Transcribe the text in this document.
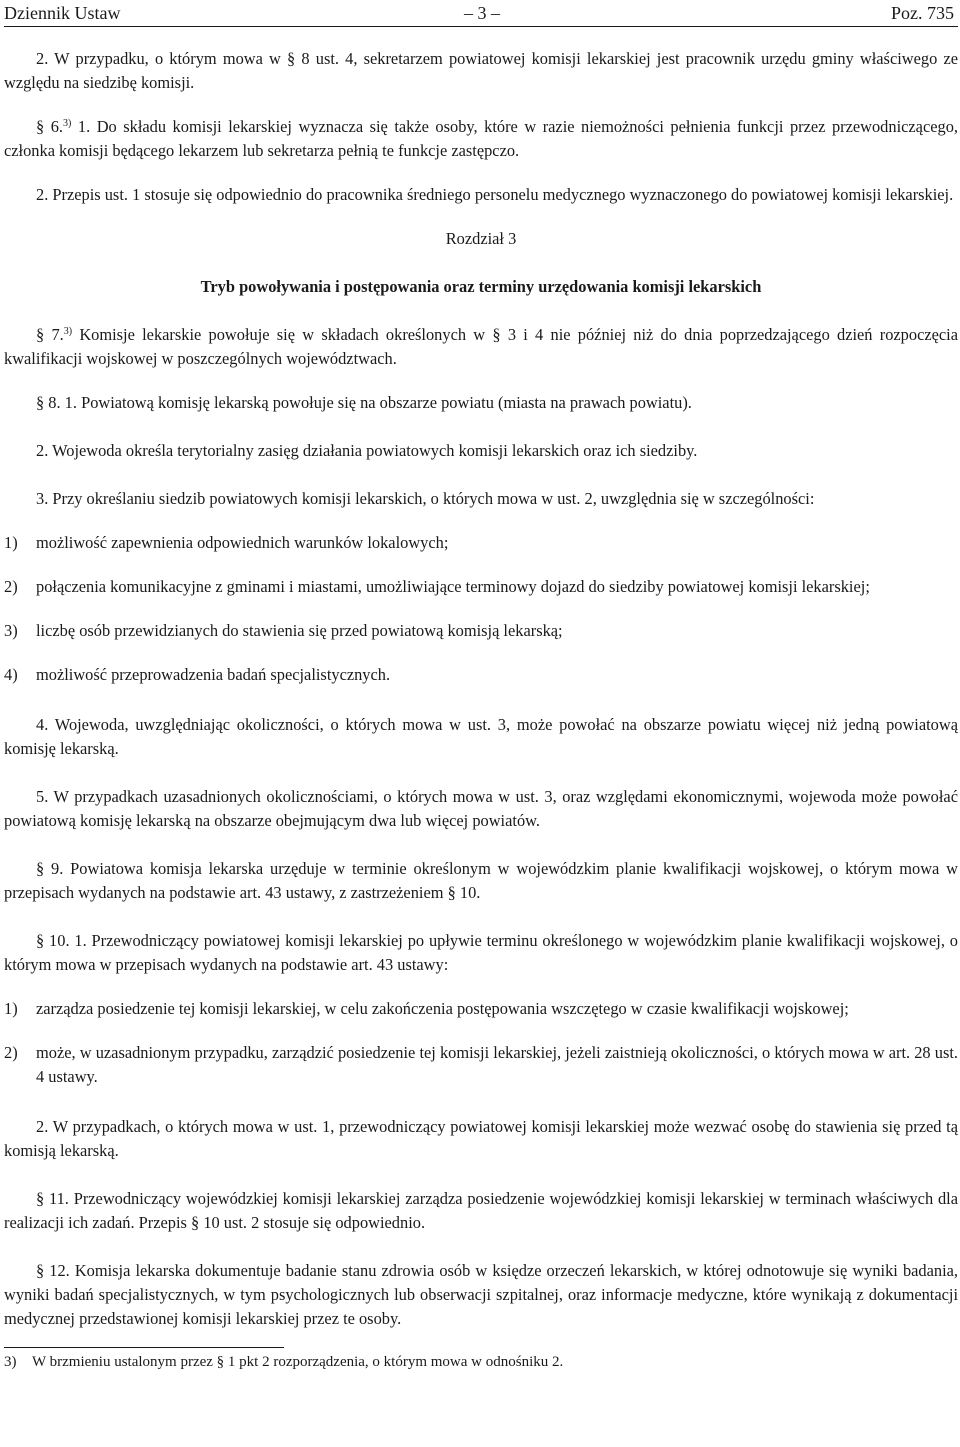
Dziennik Ustaw	– 3 –	Poz. 735

2. W przypadku, o którym mowa w § 8 ust. 4, sekretarzem powiatowej komisji lekarskiej jest pracownik urzędu gminy właściwego ze względu na siedzibę komisji.

§ 6.$^{3)}$ 1. Do składu komisji lekarskiej wyznacza się także osoby, które w razie niemożności pełnienia funkcji przez przewodniczącego, członka komisji będącego lekarzem lub sekretarza pełnią te funkcje zastępczo.

2. Przepis ust. 1 stosuje się odpowiednio do pracownika średniego personelu medycznego wyznaczonego do powiatowej komisji lekarskiej.

Rozdział 3

Tryb powoływania i postępowania oraz terminy urzędowania komisji lekarskich

§ 7.$^{3)}$ Komisje lekarskie powołuje się w składach określonych w § 3 i 4 nie później niż do dnia poprzedzającego dzień rozpoczęcia kwalifikacji wojskowej w poszczególnych województwach.

§ 8. 1. Powiatową komisję lekarską powołuje się na obszarze powiatu (miasta na prawach powiatu).

2. Wojewoda określa terytorialny zasięg działania powiatowych komisji lekarskich oraz ich siedziby.

3. Przy określaniu siedzib powiatowych komisji lekarskich, o których mowa w ust. 2, uwzględnia się w szczególności:

1) możliwość zapewnienia odpowiednich warunków lokalowych;
2) połączenia komunikacyjne z gminami i miastami, umożliwiające terminowy dojazd do siedziby powiatowej komisji lekarskiej;
3) liczbę osób przewidzianych do stawienia się przed powiatową komisją lekarską;
4) możliwość przeprowadzenia badań specjalistycznych.

4. Wojewoda, uwzględniając okoliczności, o których mowa w ust. 3, może powołać na obszarze powiatu więcej niż jedną powiatową komisję lekarską.

5. W przypadkach uzasadnionych okolicznościami, o których mowa w ust. 3, oraz względami ekonomicznymi, wojewoda może powołać powiatową komisję lekarską na obszarze obejmującym dwa lub więcej powiatów.

§ 9. Powiatowa komisja lekarska urzęduje w terminie określonym w wojewódzkim planie kwalifikacji wojskowej, o którym mowa w przepisach wydanych na podstawie art. 43 ustawy, z zastrzeżeniem § 10.

§ 10. 1. Przewodniczący powiatowej komisji lekarskiej po upływie terminu określonego w wojewódzkim planie kwalifikacji wojskowej, o którym mowa w przepisach wydanych na podstawie art. 43 ustawy:

1) zarządza posiedzenie tej komisji lekarskiej, w celu zakończenia postępowania wszczętego w czasie kwalifikacji wojskowej;
2) może, w uzasadnionym przypadku, zarządzić posiedzenie tej komisji lekarskiej, jeżeli zaistnieją okoliczności, o których mowa w art. 28 ust. 4 ustawy.

2. W przypadkach, o których mowa w ust. 1, przewodniczący powiatowej komisji lekarskiej może wezwać osobę do stawienia się przed tą komisją lekarską.

§ 11. Przewodniczący wojewódzkiej komisji lekarskiej zarządza posiedzenie wojewódzkiej komisji lekarskiej w terminach właściwych dla realizacji ich zadań. Przepis § 10 ust. 2 stosuje się odpowiednio.

§ 12. Komisja lekarska dokumentuje badanie stanu zdrowia osób w księdze orzeczeń lekarskich, w której odnotowuje się wyniki badania, wyniki badań specjalistycznych, w tym psychologicznych lub obserwacji szpitalnej, oraz informacje medyczne, które wynikają z dokumentacji medycznej przedstawionej komisji lekarskiej przez te osoby.

3) W brzmieniu ustalonym przez § 1 pkt 2 rozporządzenia, o którym mowa w odnośniku 2.
